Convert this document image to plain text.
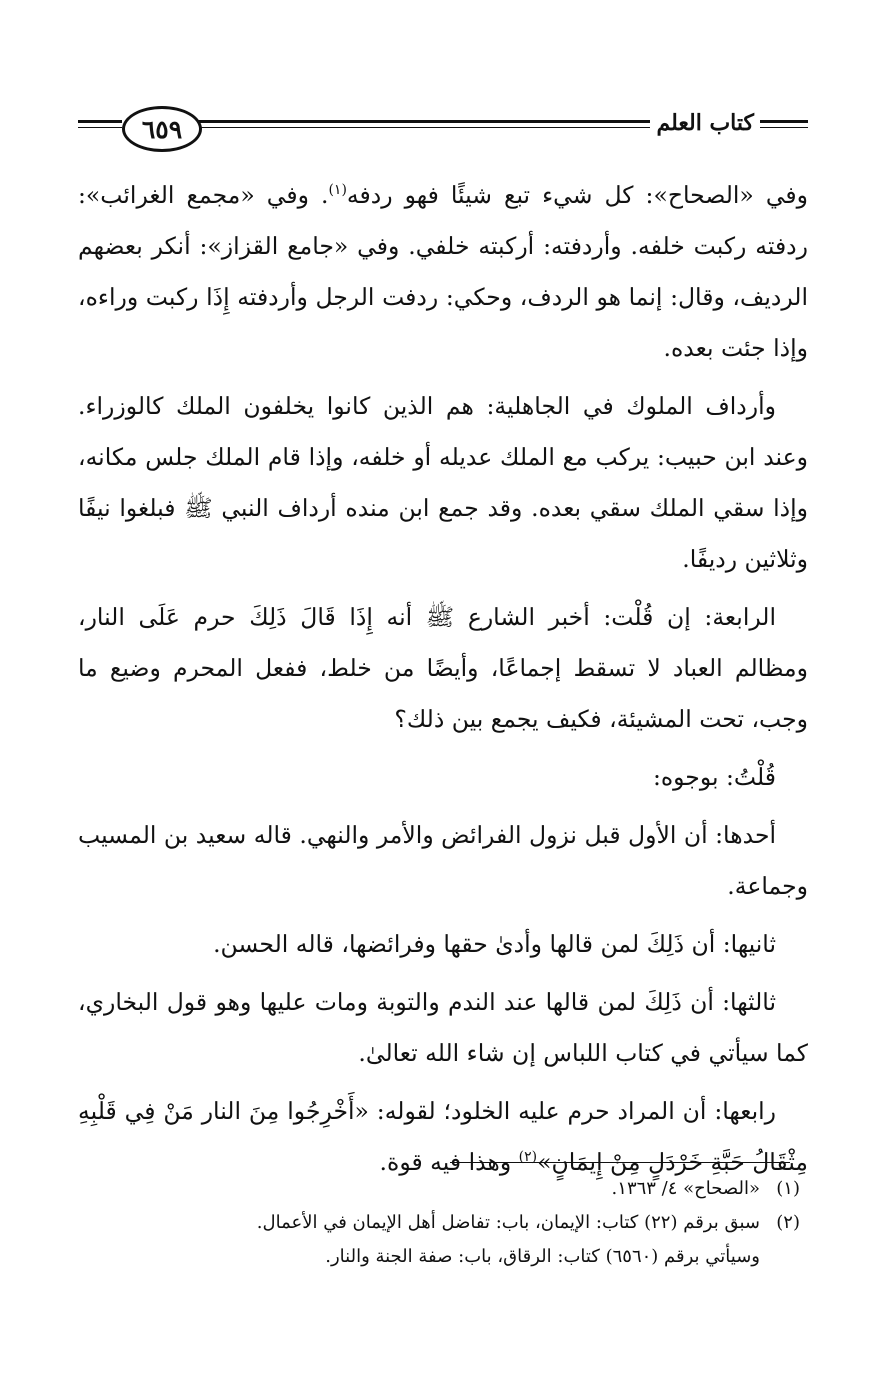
٦٥٩	كتاب العلم

وفي «الصحاح»: كل شيء تبع شيئًا فهو ردفه$^{(١)}$. وفي «مجمع الغرائب»: ردفته ركبت خلفه. وأردفته: أركبته خلفي. وفي «جامع القزاز»: أنكر بعضهم الرديف، وقال: إنما هو الردف، وحكي: ردفت الرجل وأردفته إِذَا ركبت وراءه، وإذا جئت بعده.

وأرداف الملوك في الجاهلية: هم الذين كانوا يخلفون الملك كالوزراء. وعند ابن حبيب: يركب مع الملك عديله أو خلفه، وإذا قام الملك جلس مكانه، وإذا سقي الملك سقي بعده. وقد جمع ابن منده أرداف النبي ﷺ فبلغوا نيفًا وثلاثين رديفًا.

الرابعة: إن قُلْت: أخبر الشارع ﷺ أنه إِذَا قَالَ ذَلِكَ حرم عَلَى النار، ومظالم العباد لا تسقط إجماعًا، وأيضًا من خلط، ففعل المحرم وضيع ما وجب، تحت المشيئة، فكيف يجمع بين ذلك؟

قُلْتُ: بوجوه:

أحدها: أن الأول قبل نزول الفرائض والأمر والنهي. قاله سعيد بن المسيب وجماعة.

ثانيها: أن ذَلِكَ لمن قالها وأدىٰ حقها وفرائضها، قاله الحسن.

ثالثها: أن ذَلِكَ لمن قالها عند الندم والتوبة ومات عليها وهو قول البخاري، كما سيأتي في كتاب اللباس إن شاء الله تعالىٰ.

رابعها: أن المراد حرم عليه الخلود؛ لقوله: «أَخْرِجُوا مِنَ النار مَنْ فِي قَلْبِهِ مِثْقَالُ حَبَّةِ خَرْدَلٍ مِنْ إِيمَانٍ»$^{(٢)}$ وهذا فيه قوة.

(١)«الصحاح» ٤/ ١٣٦٣.

(٢)سبق برقم (٢٢) كتاب: الإيمان، باب: تفاضل أهل الإيمان في الأعمال.

وسيأتي برقم (٦٥٦٠) كتاب: الرقاق، باب: صفة الجنة والنار.
